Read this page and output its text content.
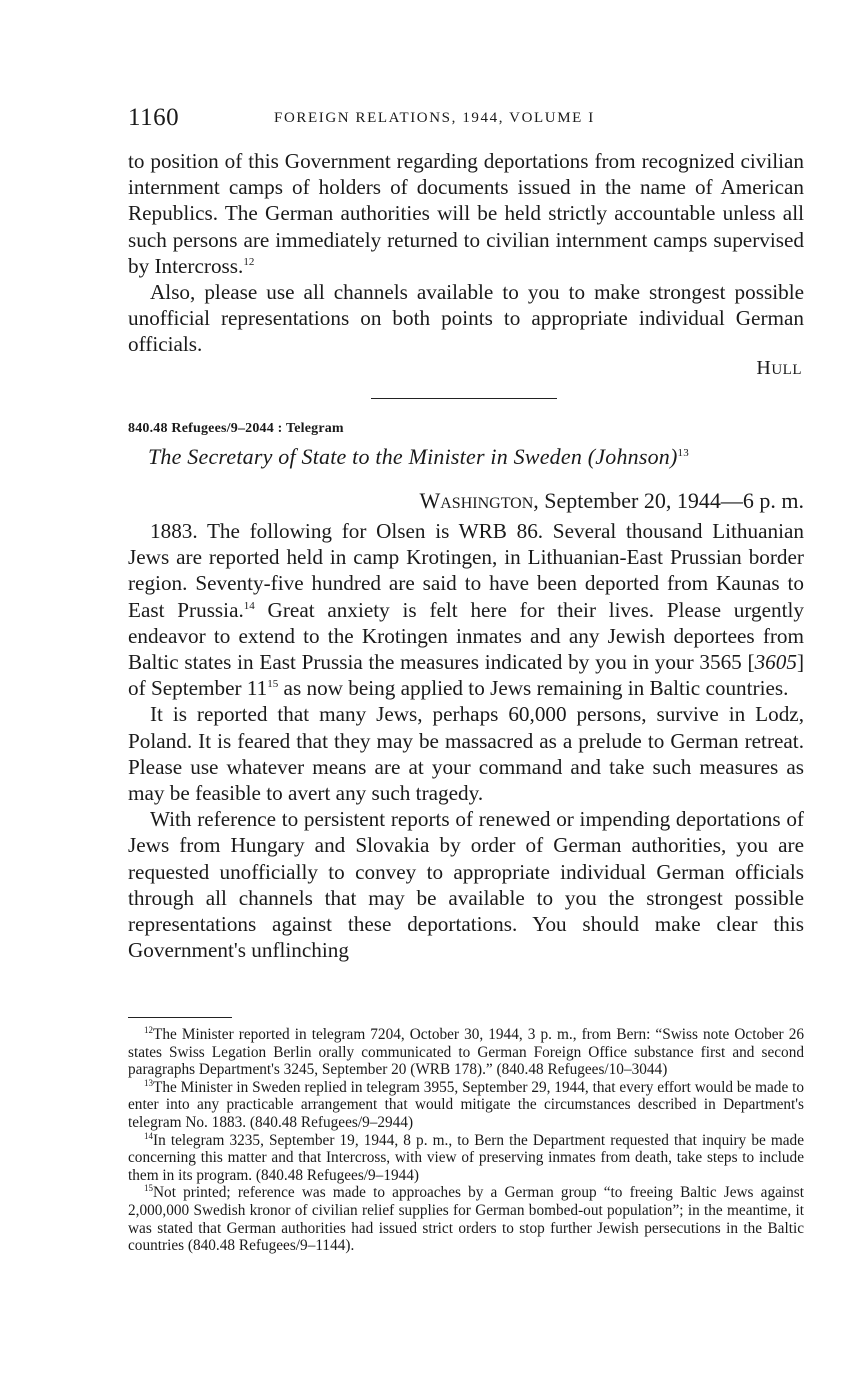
1160	FOREIGN RELATIONS, 1944, VOLUME I

to position of this Government regarding deportations from recognized civilian internment camps of holders of documents issued in the name of American Republics. The German authorities will be held strictly accountable unless all such persons are immediately returned to civilian internment camps supervised by Intercross.$^{12}$

Also, please use all channels available to you to make strongest possible unofficial representations on both points to appropriate individual German officials.

HULL
840.48 Refugees/9–2044 : Telegram
The Secretary of State to the Minister in Sweden (Johnson)$^{13}$
WASHINGTON, September 20, 1944—6 p. m.

1883. The following for Olsen is WRB 86. Several thousand Lithuanian Jews are reported held in camp Krotingen, in Lithuanian-East Prussian border region. Seventy-five hundred are said to have been deported from Kaunas to East Prussia.$^{14}$ Great anxiety is felt here for their lives. Please urgently endeavor to extend to the Krotingen inmates and any Jewish deportees from Baltic states in East Prussia the measures indicated by you in your 3565 [3605] of September $11^{15}$ as now being applied to Jews remaining in Baltic countries.

It is reported that many Jews, perhaps 60,000 persons, survive in Lodz, Poland. It is feared that they may be massacred as a prelude to German retreat. Please use whatever means are at your command and take such measures as may be feasible to avert any such tragedy.

With reference to persistent reports of renewed or impending deportations of Jews from Hungary and Slovakia by order of German authorities, you are requested unofficially to convey to appropriate individual German officials through all channels that may be available to you the strongest possible representations against these deportations. You should make clear this Government's unflinching

$^{12}$The Minister reported in telegram 7204, October 30, 1944, 3 p. m., from Bern: “Swiss note October 26 states Swiss Legation Berlin orally communicated to German Foreign Office substance first and second paragraphs Department's 3245, September 20 (WRB 178).” (840.48 Refugees/10–3044)

$^{13}$The Minister in Sweden replied in telegram 3955, September 29, 1944, that every effort would be made to enter into any practicable arrangement that would mitigate the circumstances described in Department's telegram No. 1883. (840.48 Refugees/9–2944)

$^{14}$In telegram 3235, September 19, 1944, 8 p. m., to Bern the Department requested that inquiry be made concerning this matter and that Intercross, with view of preserving inmates from death, take steps to include them in its program. (840.48 Refugees/9–1944)

$^{15}$Not printed; reference was made to approaches by a German group “to freeing Baltic Jews against 2,000,000 Swedish kronor of civilian relief supplies for German bombed-out population”; in the meantime, it was stated that German authorities had issued strict orders to stop further Jewish persecutions in the Baltic countries (840.48 Refugees/9–1144).
